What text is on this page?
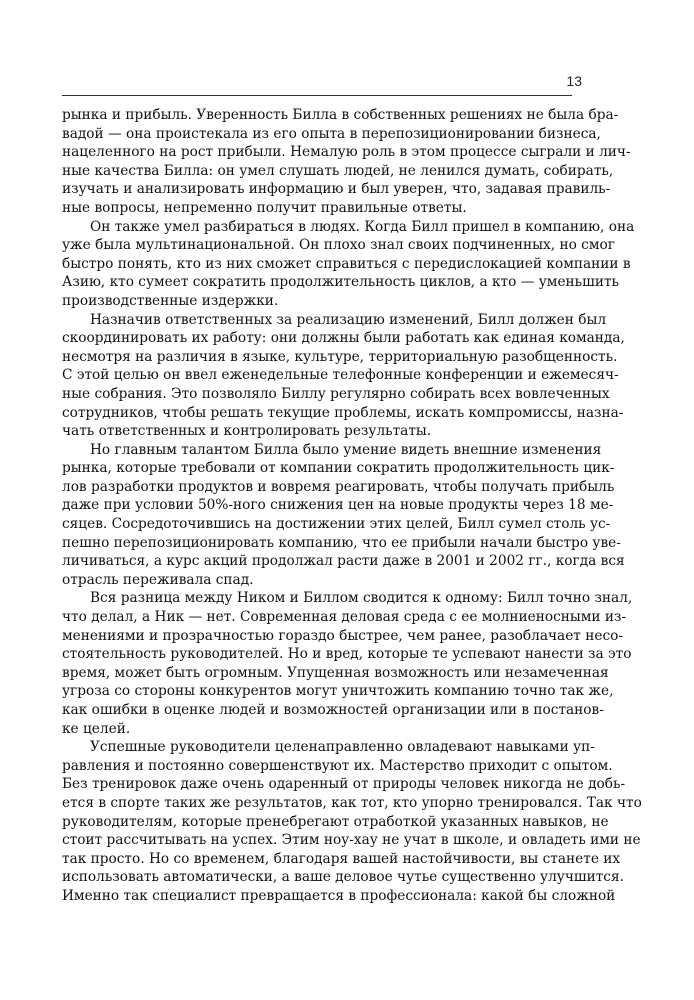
13
рынка и прибыль. Уверенность Билла в собственных решениях не была бра-
вадой — она проистекала из его опыта в перепозиционировании бизнеса,
нацеленного на рост прибыли. Немалую роль в этом процессе сыграли и лич-
ные качества Билла: он умел слушать людей, не ленился думать, собирать,
изучать и анализировать информацию и был уверен, что, задавая правиль-
ные вопросы, непременно получит правильные ответы.
Он также умел разбираться в людях. Когда Билл пришел в компанию, она
уже была мультинациональной. Он плохо знал своих подчиненных, но смог
быстро понять, кто из них сможет справиться с передислокацией компании в
Азию, кто сумеет сократить продолжительность циклов, а кто — уменьшить
производственные издержки.
Назначив ответственных за реализацию изменений, Билл должен был
скоординировать их работу: они должны были работать как единая команда,
несмотря на различия в языке, культуре, территориальную разобщенность.
С этой целью он ввел еженедельные телефонные конференции и ежемесяч-
ные собрания. Это позволяло Биллу регулярно собирать всех вовлеченных
сотрудников, чтобы решать текущие проблемы, искать компромиссы, назна-
чать ответственных и контролировать результаты.
Но главным талантом Билла было умение видеть внешние изменения
рынка, которые требовали от компании сократить продолжительность цик-
лов разработки продуктов и вовремя реагировать, чтобы получать прибыль
даже при условии 50%-ного снижения цен на новые продукты через 18 ме-
сяцев. Сосредоточившись на достижении этих целей, Билл сумел столь ус-
пешно перепозиционировать компанию, что ее прибыли начали быстро уве-
личиваться, а курс акций продолжал расти даже в 2001 и 2002 гг., когда вся
отрасль переживала спад.
Вся разница между Ником и Биллом сводится к одному: Билл точно знал,
что делал, а Ник — нет. Современная деловая среда с ее молниеносными из-
менениями и прозрачностью гораздо быстрее, чем ранее, разоблачает несо-
стоятельность руководителей. Но и вред, которые те успевают нанести за это
время, может быть огромным. Упущенная возможность или незамеченная
угроза со стороны конкурентов могут уничтожить компанию точно так же,
как ошибки в оценке людей и возможностей организации или в постанов-
ке целей.
Успешные руководители целенаправленно овладевают навыками уп-
равления и постоянно совершенствуют их. Мастерство приходит с опытом.
Без тренировок даже очень одаренный от природы человек никогда не добь-
ется в спорте таких же результатов, как тот, кто упорно тренировался. Так что
руководителям, которые пренебрегают отработкой указанных навыков, не
стоит рассчитывать на успех. Этим ноу-хау не учат в школе, и овладеть ими не
так просто. Но со временем, благодаря вашей настойчивости, вы станете их
использовать автоматически, а ваше деловое чутье существенно улучшится.
Именно так специалист превращается в профессионала: какой бы сложной
